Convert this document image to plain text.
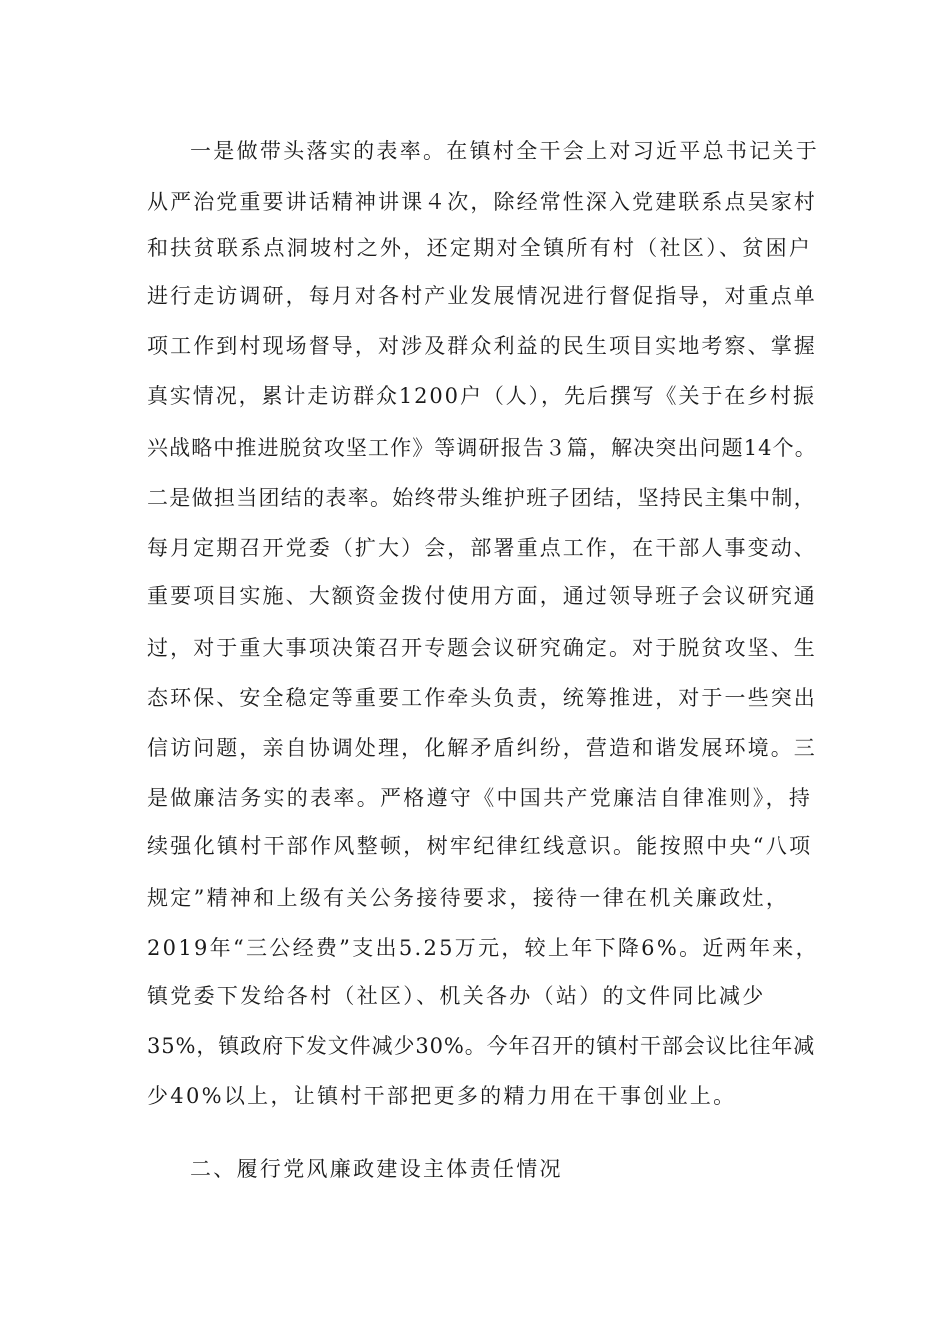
一是做带头落实的表率。在镇村全干会上对习近平总书记关于

从严治党重要讲话精神讲课４次，除经常性深入党建联系点吴家村

和扶贫联系点洞坡村之外，还定期对全镇所有村（社区）、贫困户

进行走访调研，每月对各村产业发展情况进行督促指导，对重点单

项工作到村现场督导，对涉及群众利益的民生项目实地考察、掌握

真实情况，累计走访群众1200户（人），先后撰写《关于在乡村振

兴战略中推进脱贫攻坚工作》等调研报告３篇，解决突出问题14个。

二是做担当团结的表率。始终带头维护班子团结，坚持民主集中制，

每月定期召开党委（扩大）会，部署重点工作，在干部人事变动、

重要项目实施、大额资金拨付使用方面，通过领导班子会议研究通

过，对于重大事项决策召开专题会议研究确定。对于脱贫攻坚、生

态环保、安全稳定等重要工作牵头负责，统筹推进，对于一些突出

信访问题，亲自协调处理，化解矛盾纠纷，营造和谐发展环境。三

是做廉洁务实的表率。严格遵守《中国共产党廉洁自律准则》，持

续强化镇村干部作风整顿，树牢纪律红线意识。能按照中央“八项

规定”精神和上级有关公务接待要求，接待一律在机关廉政灶，

2019年“三公经费”支出5.25万元，较上年下降6%。近两年来，

镇党委下发给各村（社区）、机关各办（站）的文件同比减少

35%，镇政府下发文件减少30%。今年召开的镇村干部会议比往年减

少40%以上，让镇村干部把更多的精力用在干事创业上。

二、履行党风廉政建设主体责任情况
